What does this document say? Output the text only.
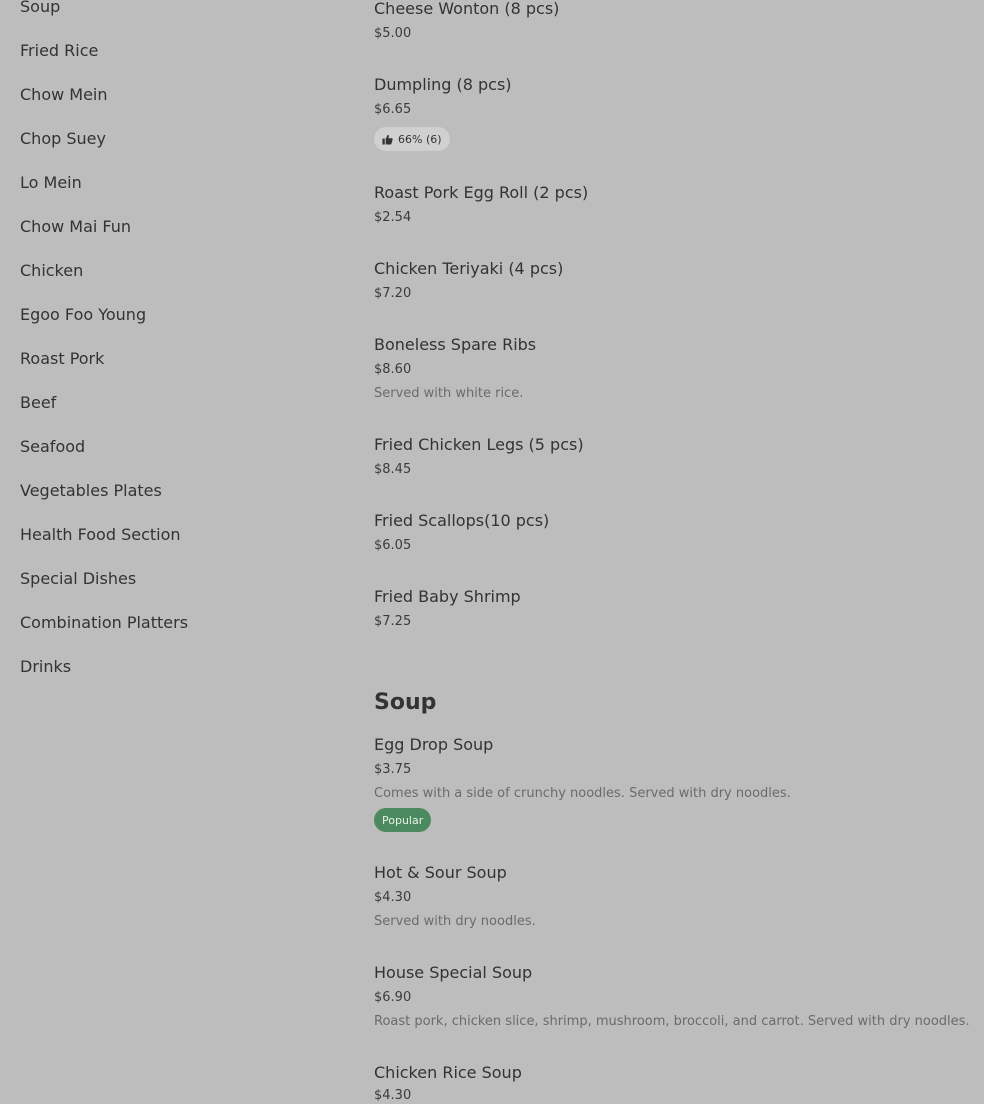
Soup
Fried Rice
Chow Mein
Chop Suey
Lo Mein
Chow Mai Fun
Chicken
Egoo Foo Young
Roast Pork
Beef
Seafood
Vegetables Plates
Health Food Section
Special Dishes
Combination Platters
Drinks
Cheese Wonton (8 pcs)
$5.00
Dumpling (8 pcs)
$6.65
66% (6)
Roast Pork Egg Roll (2 pcs)
$2.54
Chicken Teriyaki (4 pcs)
$7.20
Boneless Spare Ribs
$8.60
Served with white rice.
Fried Chicken Legs (5 pcs)
$8.45
Fried Scallops(10 pcs)
$6.05
Fried Baby Shrimp
$7.25
Soup
Egg Drop Soup
$3.75
Comes with a side of crunchy noodles. Served with dry noodles.
Popular
Hot & Sour Soup
$4.30
Served with dry noodles.
House Special Soup
$6.90
Roast pork, chicken slice, shrimp, mushroom, broccoli, and carrot. Served with dry noodles.
Chicken Rice Soup
$4.30
